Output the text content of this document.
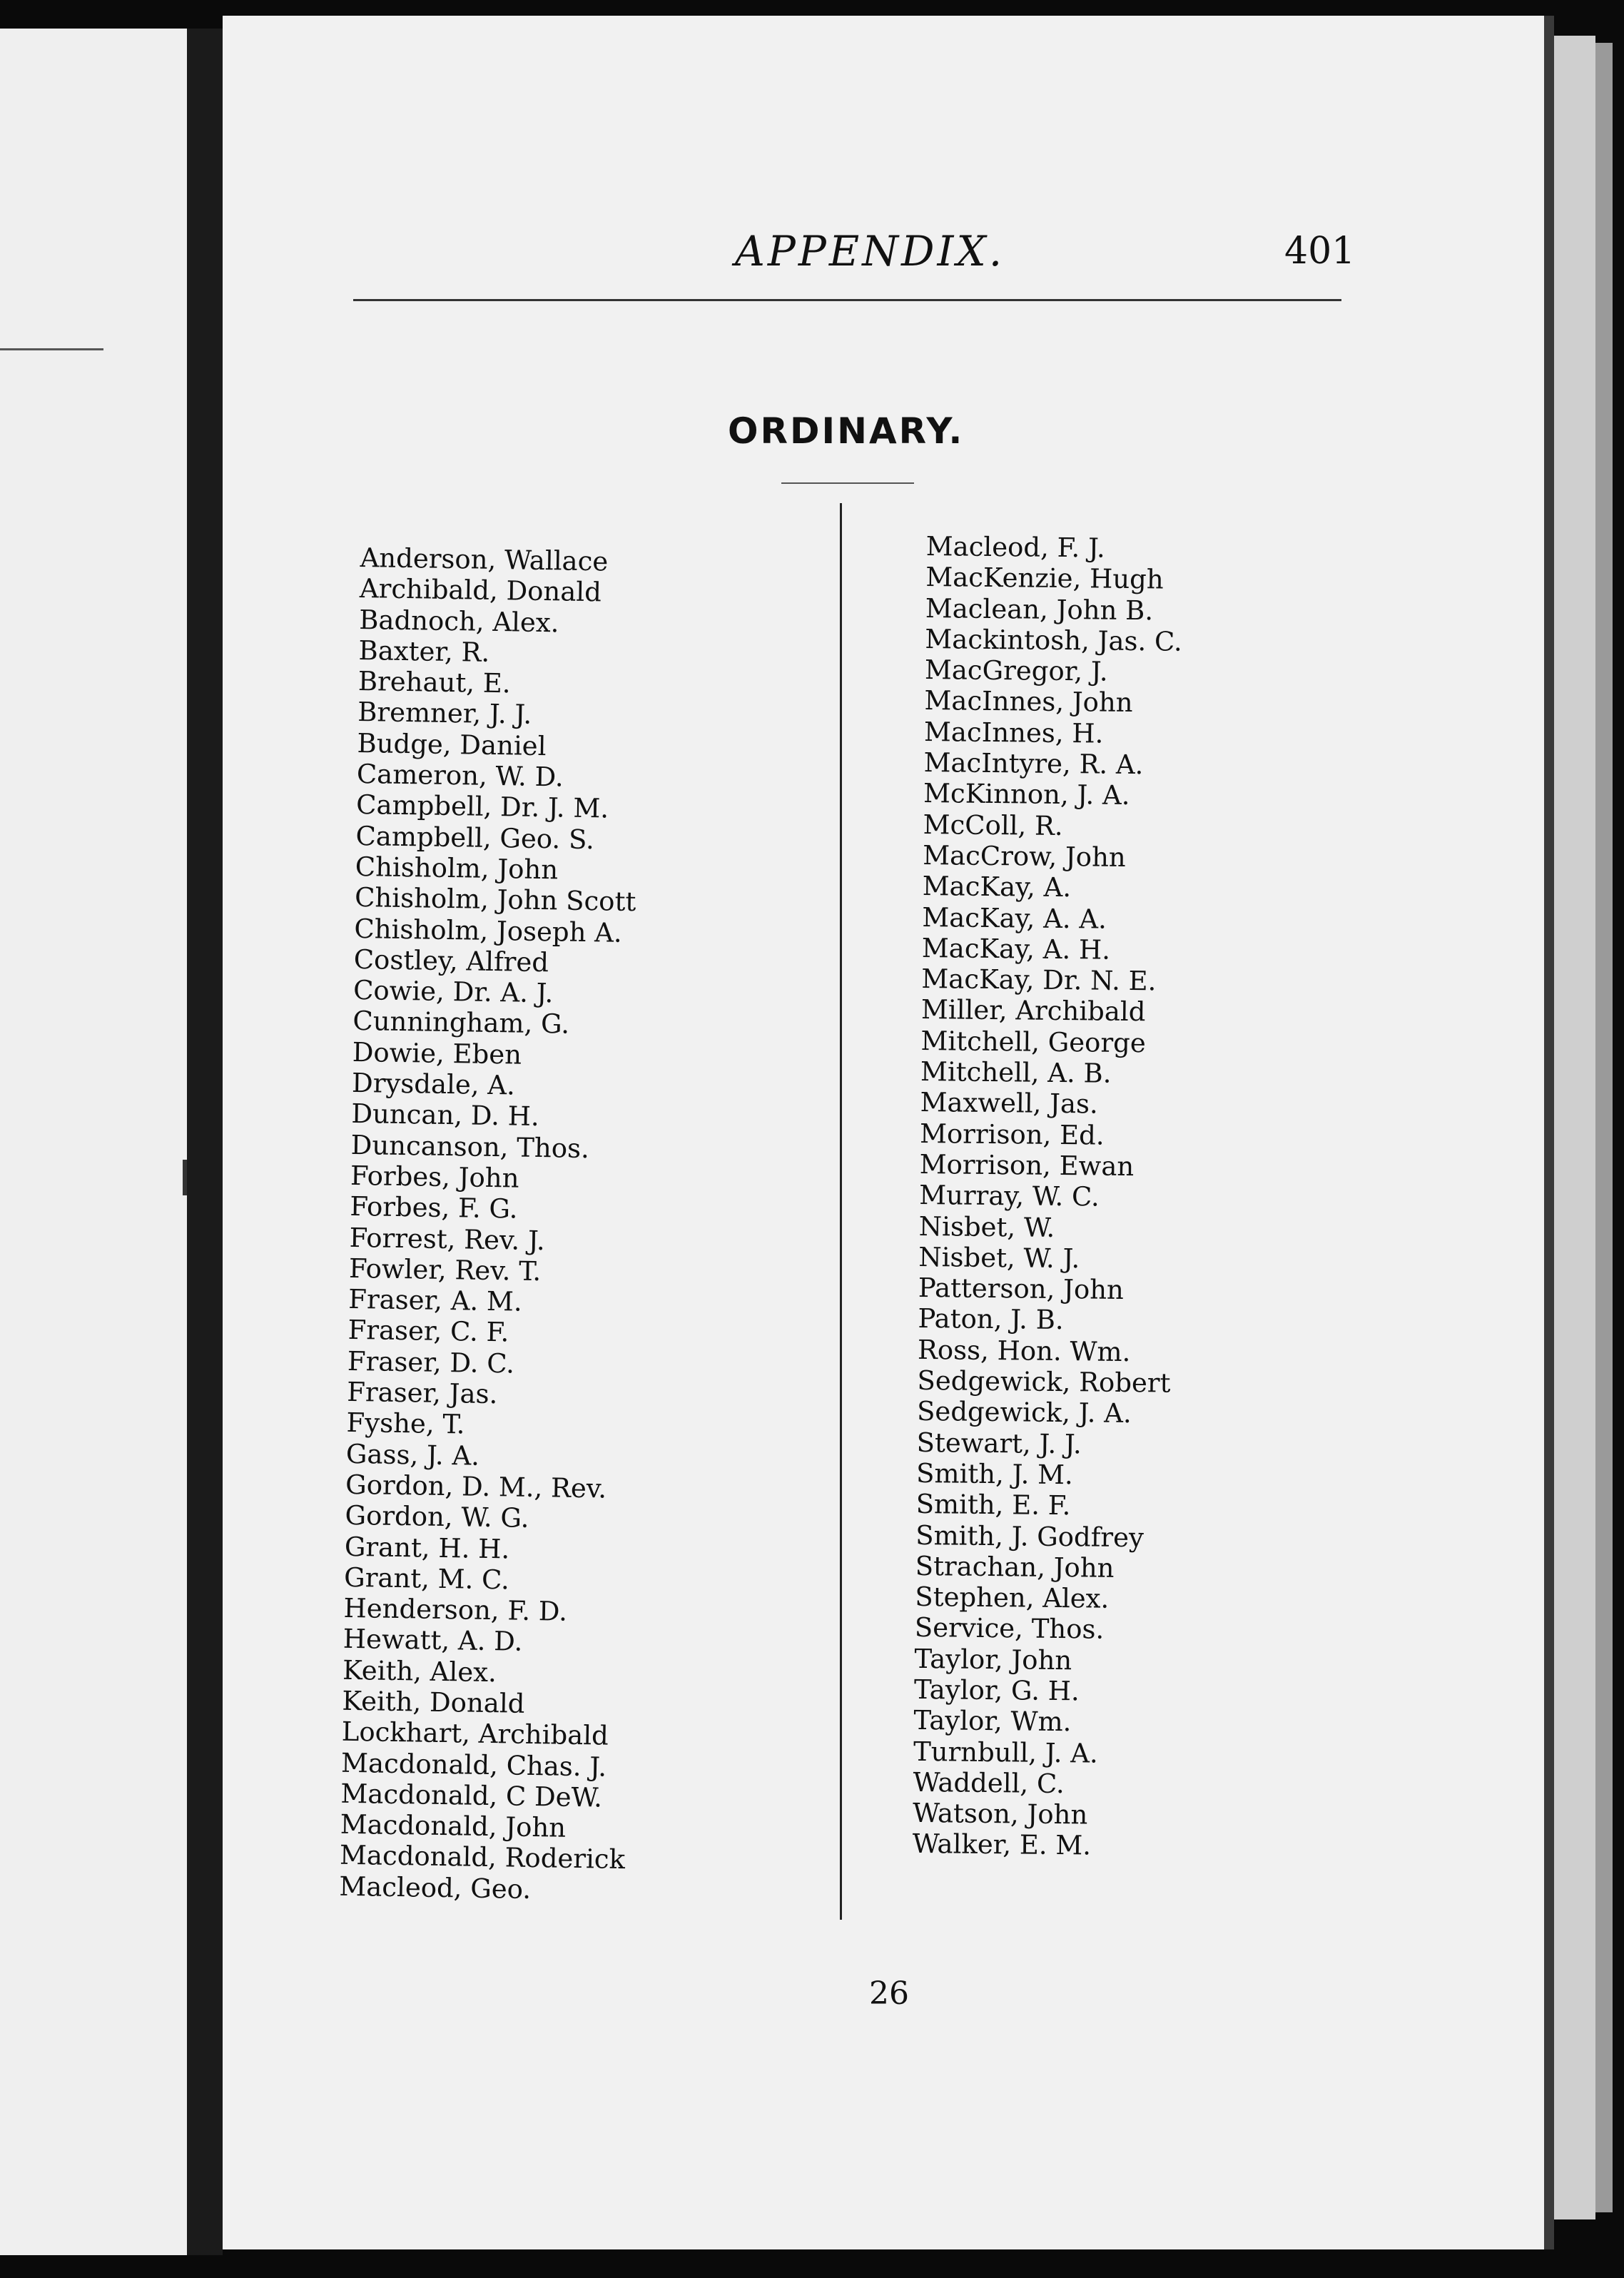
APPENDIX.	401
ORDINARY.
Anderson, Wallace
Archibald, Donald
Badnoch, Alex.
Baxter, R.
Brehaut, E.
Bremner, J. J.
Budge, Daniel
Cameron, W. D.
Campbell, Dr. J. M.
Campbell, Geo. S.
Chisholm, John
Chisholm, John Scott
Chisholm, Joseph A.
Costley, Alfred
Cowie, Dr. A. J.
Cunningham, G.
Dowie, Eben
Drysdale, A.
Duncan, D. H.
Duncanson, Thos.
Forbes, John
Forbes, F. G.
Forrest, Rev. J.
Fowler, Rev. T.
Fraser, A. M.
Fraser, C. F.
Fraser, D. C.
Fraser, Jas.
Fyshe, T.
Gass, J. A.
Gordon, D. M., Rev.
Gordon, W. G.
Grant, H. H.
Grant, M. C.
Henderson, F. D.
Hewatt, A. D.
Keith, Alex.
Keith, Donald
Lockhart, Archibald
Macdonald, Chas. J.
Macdonald, C DeW.
Macdonald, John
Macdonald, Roderick
Macleod, Geo.
Macleod, F. J.
MacKenzie, Hugh
Maclean, John B.
Mackintosh, Jas. C.
MacGregor, J.
MacInnes, John
MacInnes, H.
MacIntyre, R. A.
McKinnon, J. A.
McColl, R.
MacCrow, John
MacKay, A.
MacKay, A. A.
MacKay, A. H.
MacKay, Dr. N. E.
Miller, Archibald
Mitchell, George
Mitchell, A. B.
Maxwell, Jas.
Morrison, Ed.
Morrison, Ewan
Murray, W. C.
Nisbet, W.
Nisbet, W. J.
Patterson, John
Paton, J. B.
Ross, Hon. Wm.
Sedgewick, Robert
Sedgewick, J. A.
Stewart, J. J.
Smith, J. M.
Smith, E. F.
Smith, J. Godfrey
Strachan, John
Stephen, Alex.
Service, Thos.
Taylor, John
Taylor, G. H.
Taylor, Wm.
Turnbull, J. A.
Waddell, C.
Watson, John
Walker, E. M.
26
